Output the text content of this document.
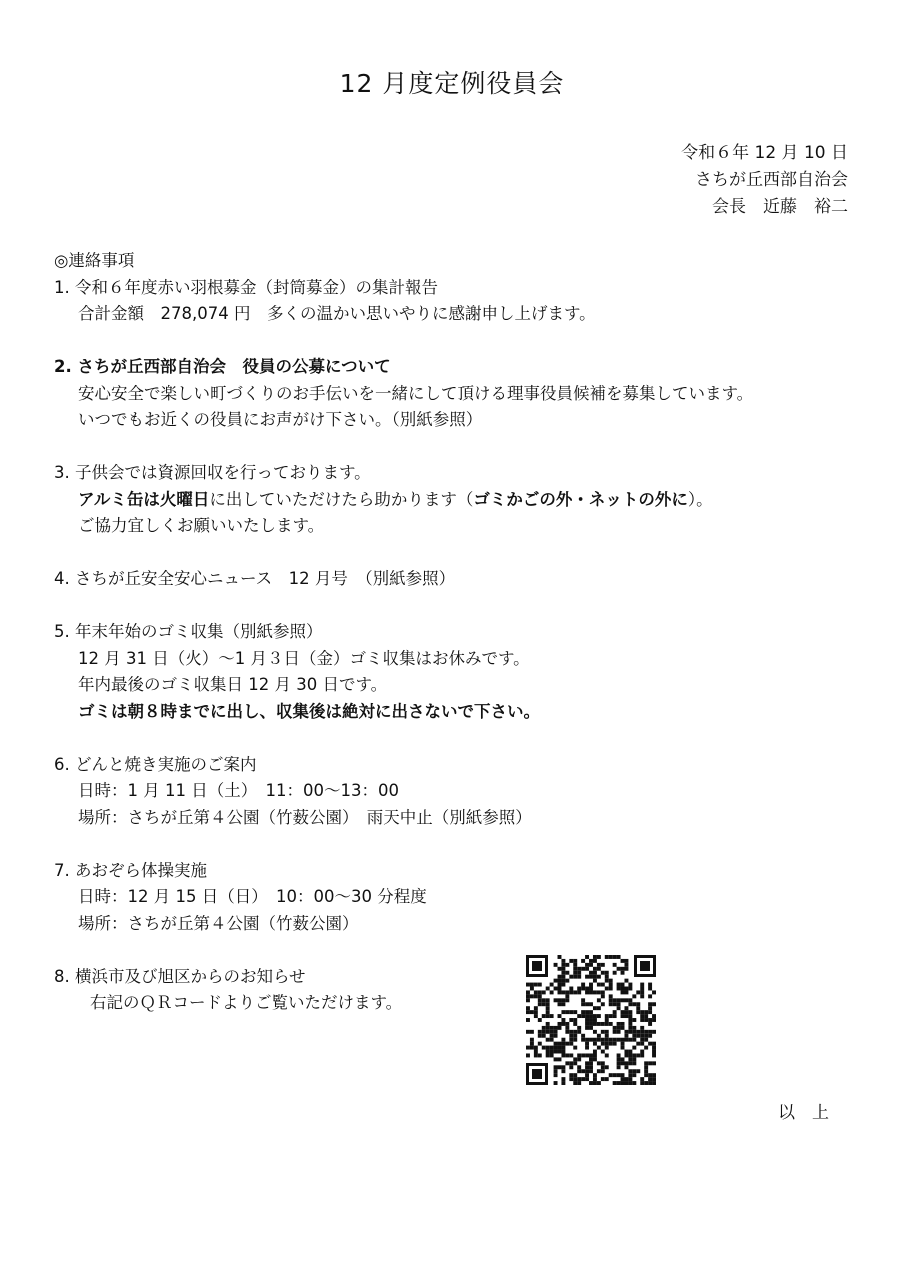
12 月度定例役員会
令和６年 12 月 10 日
さちが丘西部自治会
会長　近藤　裕二
◎連絡事項
1. 令和６年度赤い羽根募金（封筒募金）の集計報告
合計金額　278,074 円　多くの温かい思いやりに感謝申し上げます。
2. さちが丘西部自治会　役員の公募について
安心安全で楽しい町づくりのお手伝いを一緒にして頂ける理事役員候補を募集しています。
いつでもお近くの役員にお声がけ下さい。（別紙参照）
3. 子供会では資源回収を行っております。
アルミ缶は火曜日に出していただけたら助かります（ゴミかごの外・ネットの外に）。
ご協力宜しくお願いいたします。
4. さちが丘安全安心ニュース　12 月号　（別紙参照）
5. 年末年始のゴミ収集（別紙参照）
12 月 31 日（火）～1 月３日（金）ゴミ収集はお休みです。
年内最後のゴミ収集日 12 月 30 日です。
ゴミは朝８時までに出し、収集後は絶対に出さないで下さい。
6. どんと焼き実施のご案内
日時：1 月 11 日（土）　11：00～13：00
場所：さちが丘第４公園（竹薮公園）　雨天中止（別紙参照）
7. あおぞら体操実施
日時：12 月 15 日（日）　10：00～30 分程度
場所：さちが丘第４公園（竹薮公園）
8. 横浜市及び旭区からのお知らせ
右記のＱＲコードよりご覧いただけます。
以　上
